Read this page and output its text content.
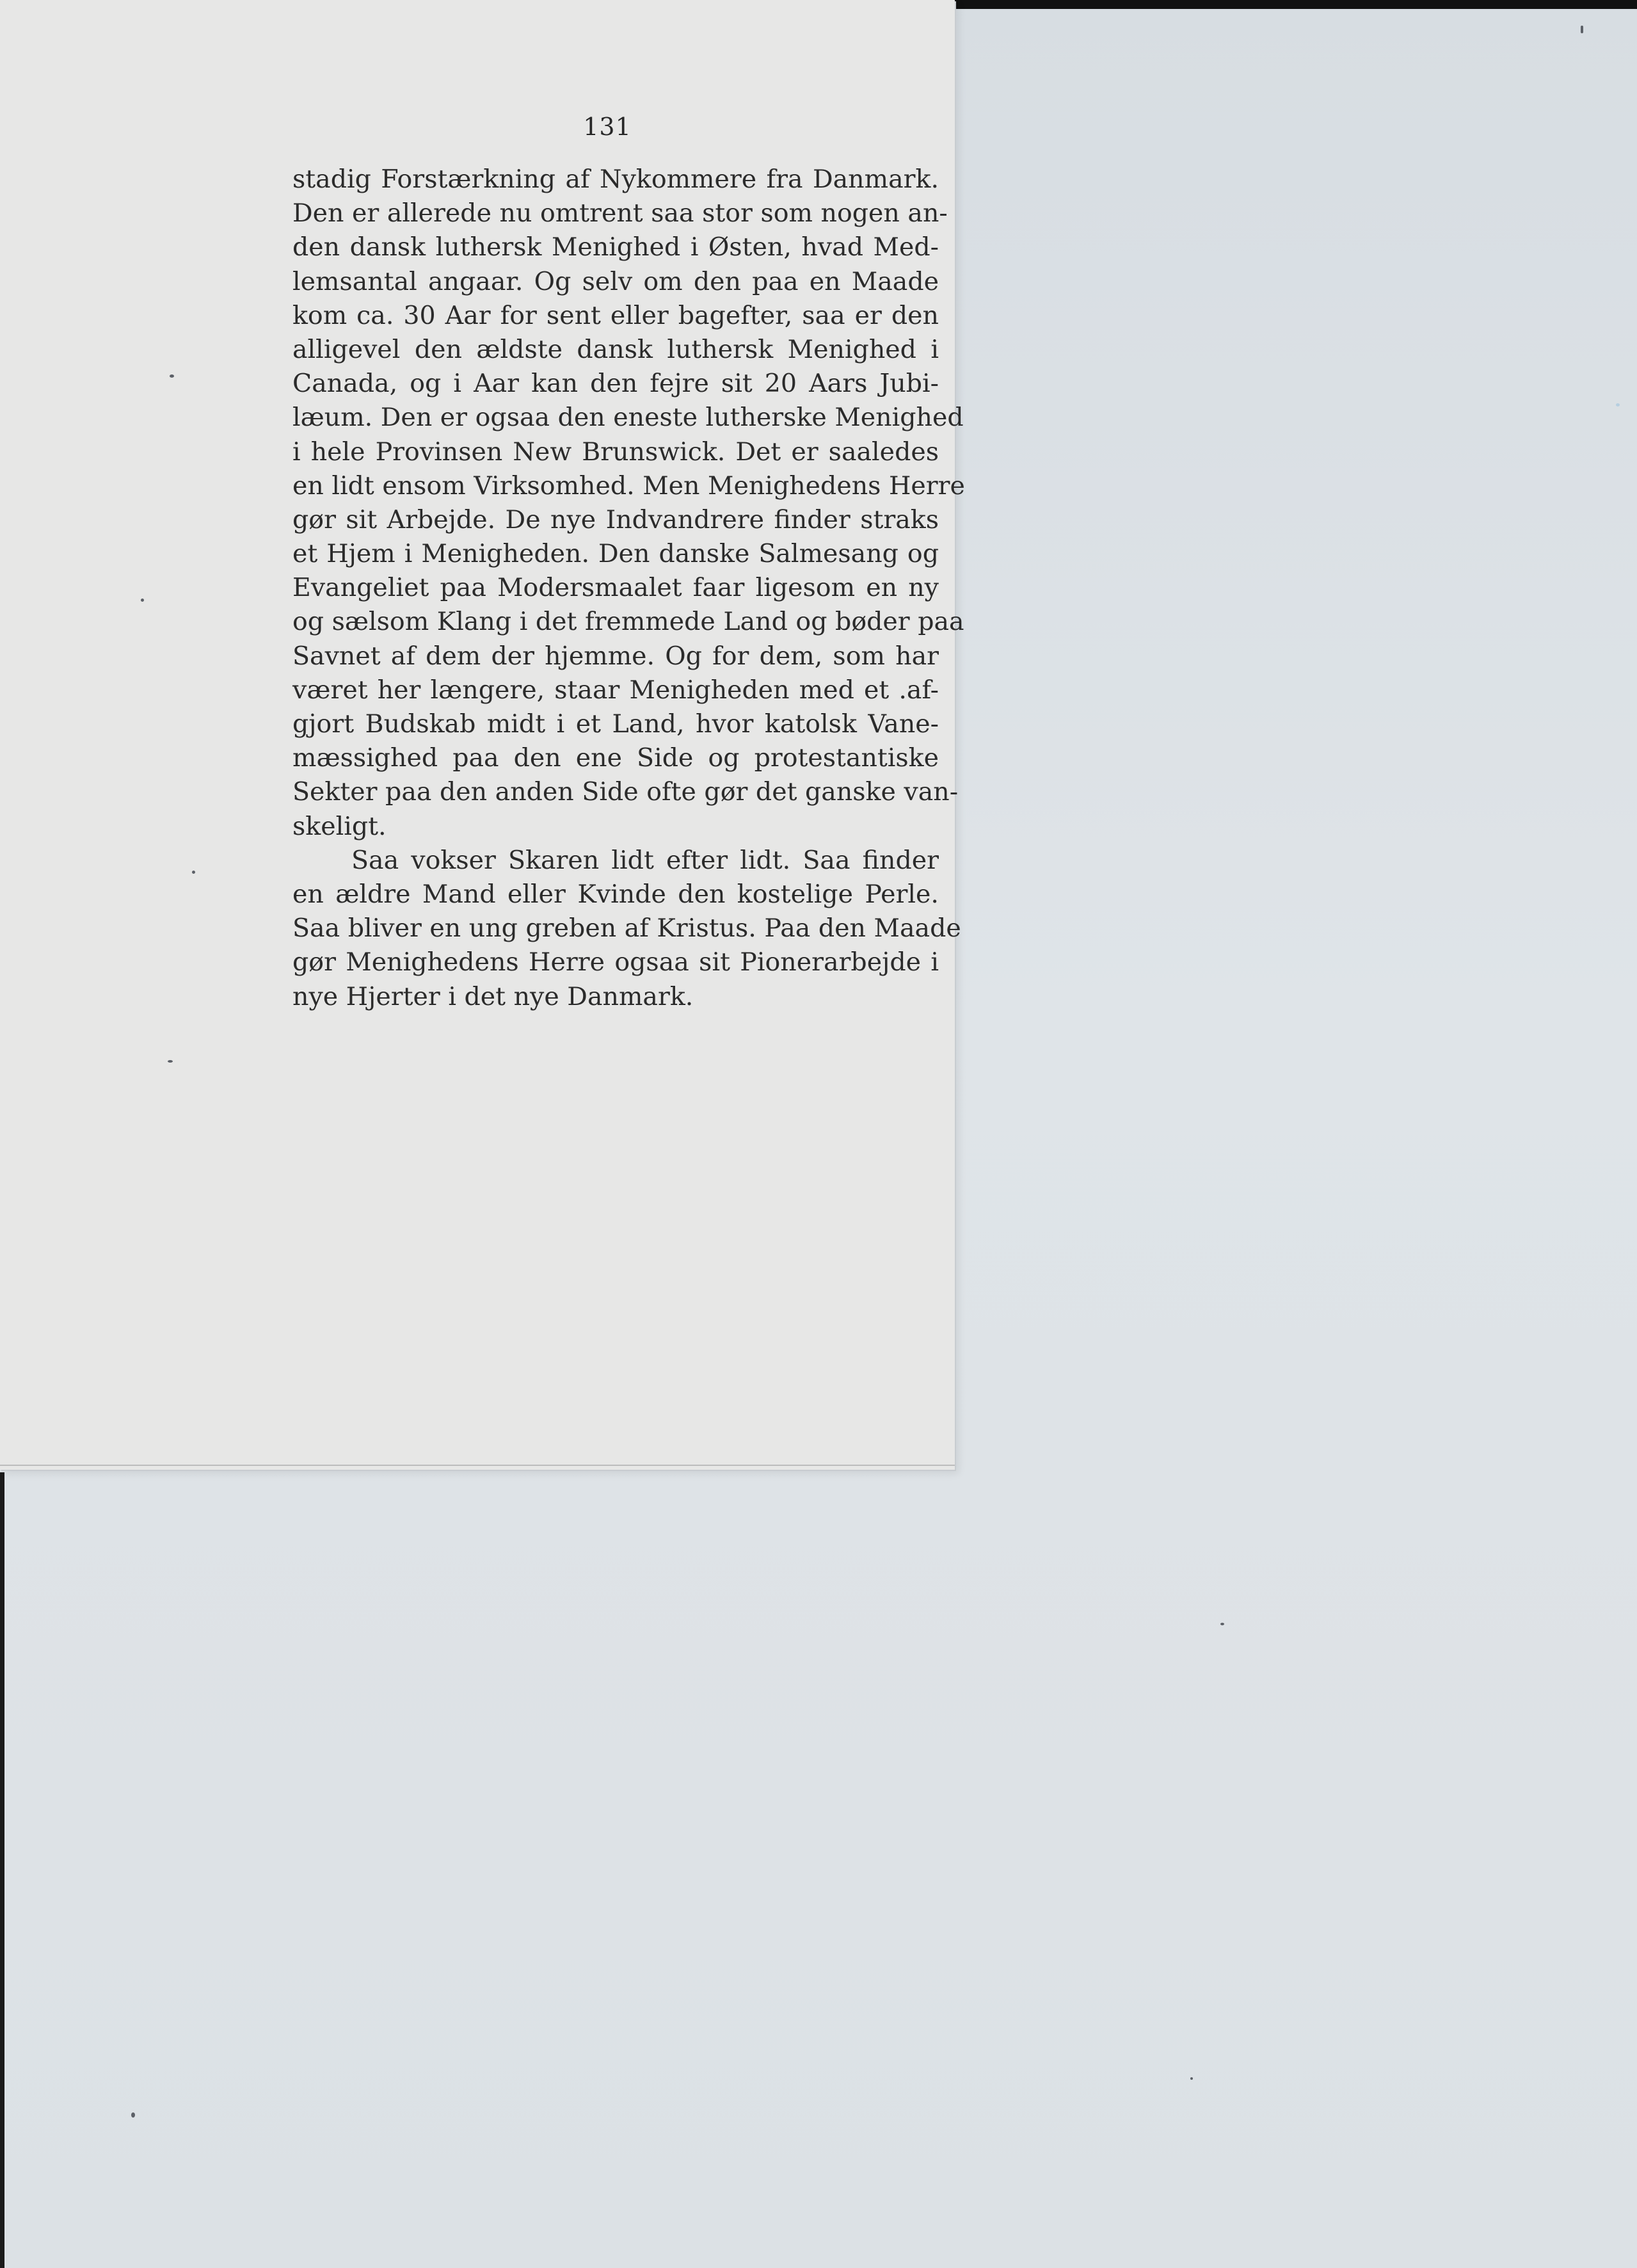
131
stadig Forstærkning af Nykommere fra Danmark.
Den er allerede nu omtrent saa stor som nogen an-
den dansk luthersk Menighed i Østen, hvad Med-
lemsantal angaar. Og selv om den paa en Maade
kom ca. 30 Aar for sent eller bagefter, saa er den
alligevel den ældste dansk luthersk Menighed i
Canada, og i Aar kan den fejre sit 20 Aars Jubi-
læum. Den er ogsaa den eneste lutherske Menighed
i hele Provinsen New Brunswick. Det er saaledes
en lidt ensom Virksomhed. Men Menighedens Herre
gør sit Arbejde. De nye Indvandrere finder straks
et Hjem i Menigheden. Den danske Salmesang og
Evangeliet paa Modersmaalet faar ligesom en ny
og sælsom Klang i det fremmede Land og bøder paa
Savnet af dem der hjemme. Og for dem, som har
været her længere, staar Menigheden med et .af-
gjort Budskab midt i et Land, hvor katolsk Vane-
mæssighed paa den ene Side og protestantiske
Sekter paa den anden Side ofte gør det ganske van-
skeligt.
Saa vokser Skaren lidt efter lidt. Saa finder
en ældre Mand eller Kvinde den kostelige Perle.
Saa bliver en ung greben af Kristus. Paa den Maade
gør Menighedens Herre ogsaa sit Pionerarbejde i
nye Hjerter i det nye Danmark.
